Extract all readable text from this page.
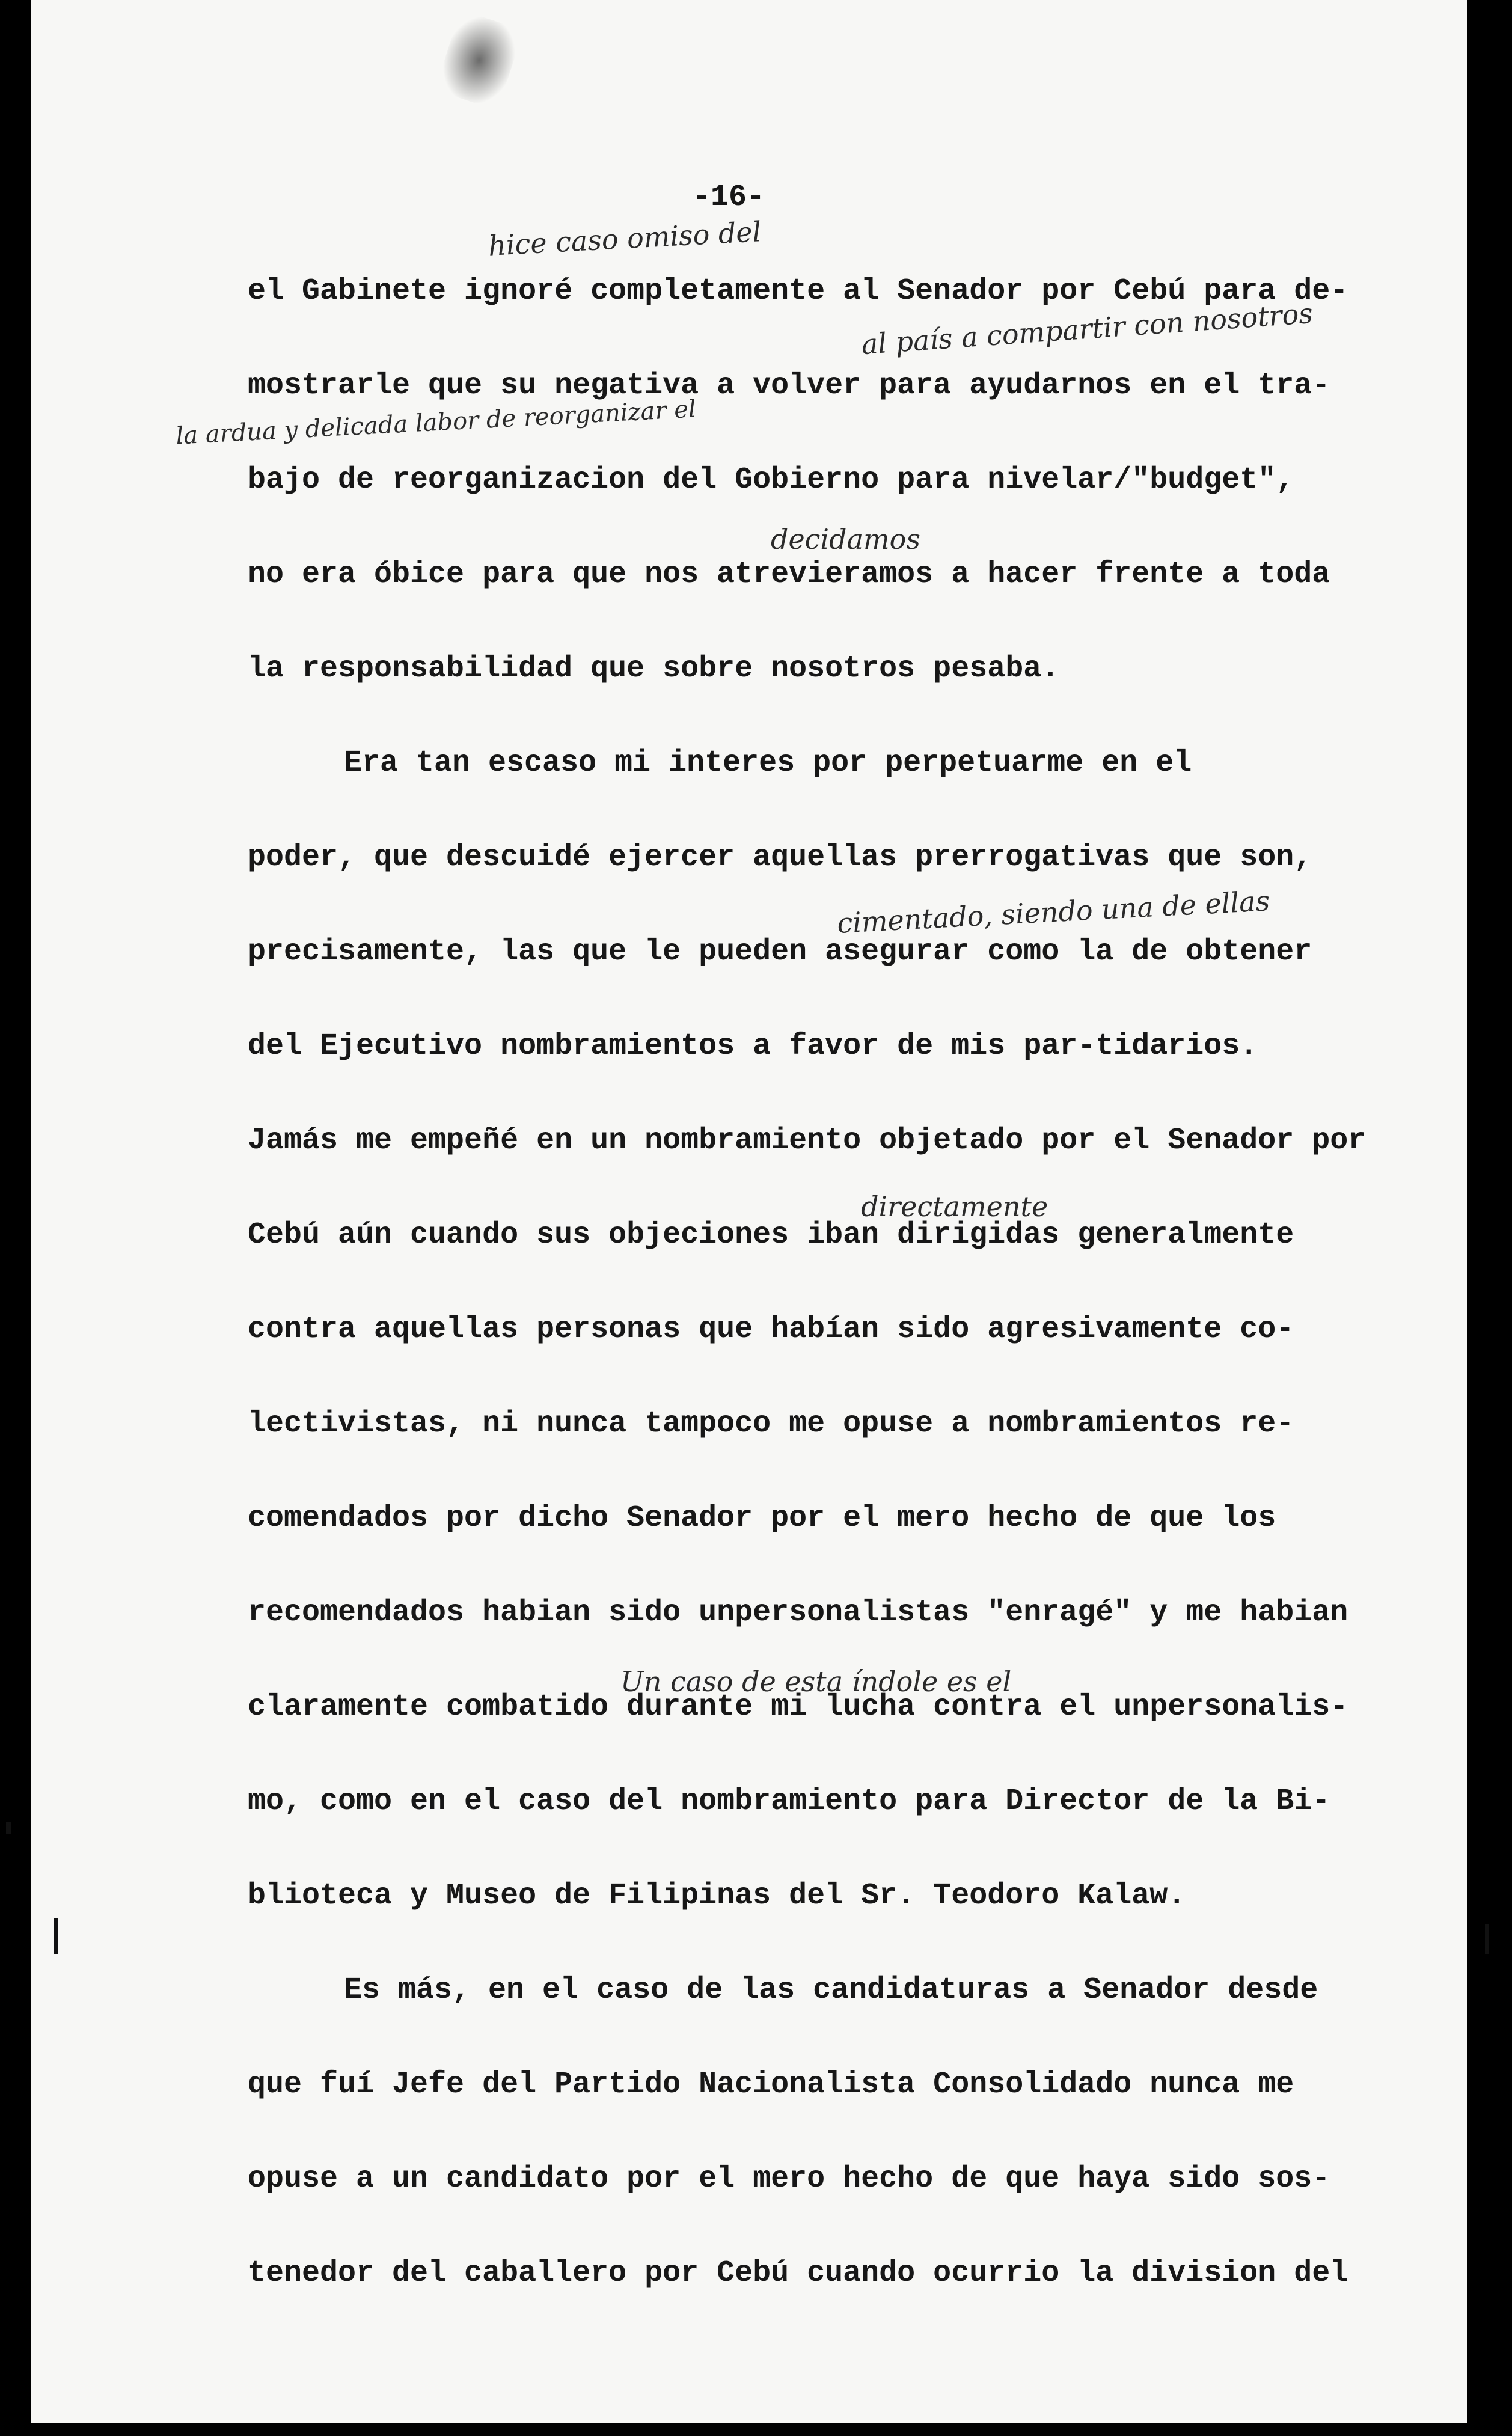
-16-
hice caso omiso del
al país a compartir con nosotros
la ardua y delicada labor de reorganizar el
decidamos
cimentado, siendo una de ellas
directamente
Un caso de esta índole es el
el Gabinete ignoré completamente al Senador por Cebú para de-
mostrarle que su negativa a volver para ayudarnos en el tra-
bajo de reorganizacion del Gobierno para nivelar/"budget",
no era óbice para que nos atrevieramos a hacer frente a toda
la responsabilidad que sobre nosotros pesaba.
Era tan escaso mi interes por perpetuarme en el
poder, que descuidé ejercer aquellas prerrogativas que son,
precisamente, las que le pueden asegurar como la de obtener
del Ejecutivo nombramientos a favor de mis par-tidarios.
Jamás me empeñé en un nombramiento objetado por el Senador por
Cebú aún cuando sus objeciones iban dirigidas generalmente
contra aquellas personas que habían sido agresivamente co-
lectivistas, ni nunca tampoco me opuse a nombramientos re-
comendados por dicho Senador por el mero hecho de que los
recomendados habian sido unpersonalistas "enragé" y me habian
claramente combatido durante mi lucha contra el unpersonalis-
mo, como en el caso del nombramiento para Director de la Bi-
blioteca y Museo de Filipinas del Sr. Teodoro Kalaw.
Es más, en el caso de las candidaturas a Senador desde
que fuí Jefe del Partido Nacionalista Consolidado nunca me
opuse a un candidato por el mero hecho de que haya sido sos-
tenedor del caballero por Cebú cuando ocurrio la division del
